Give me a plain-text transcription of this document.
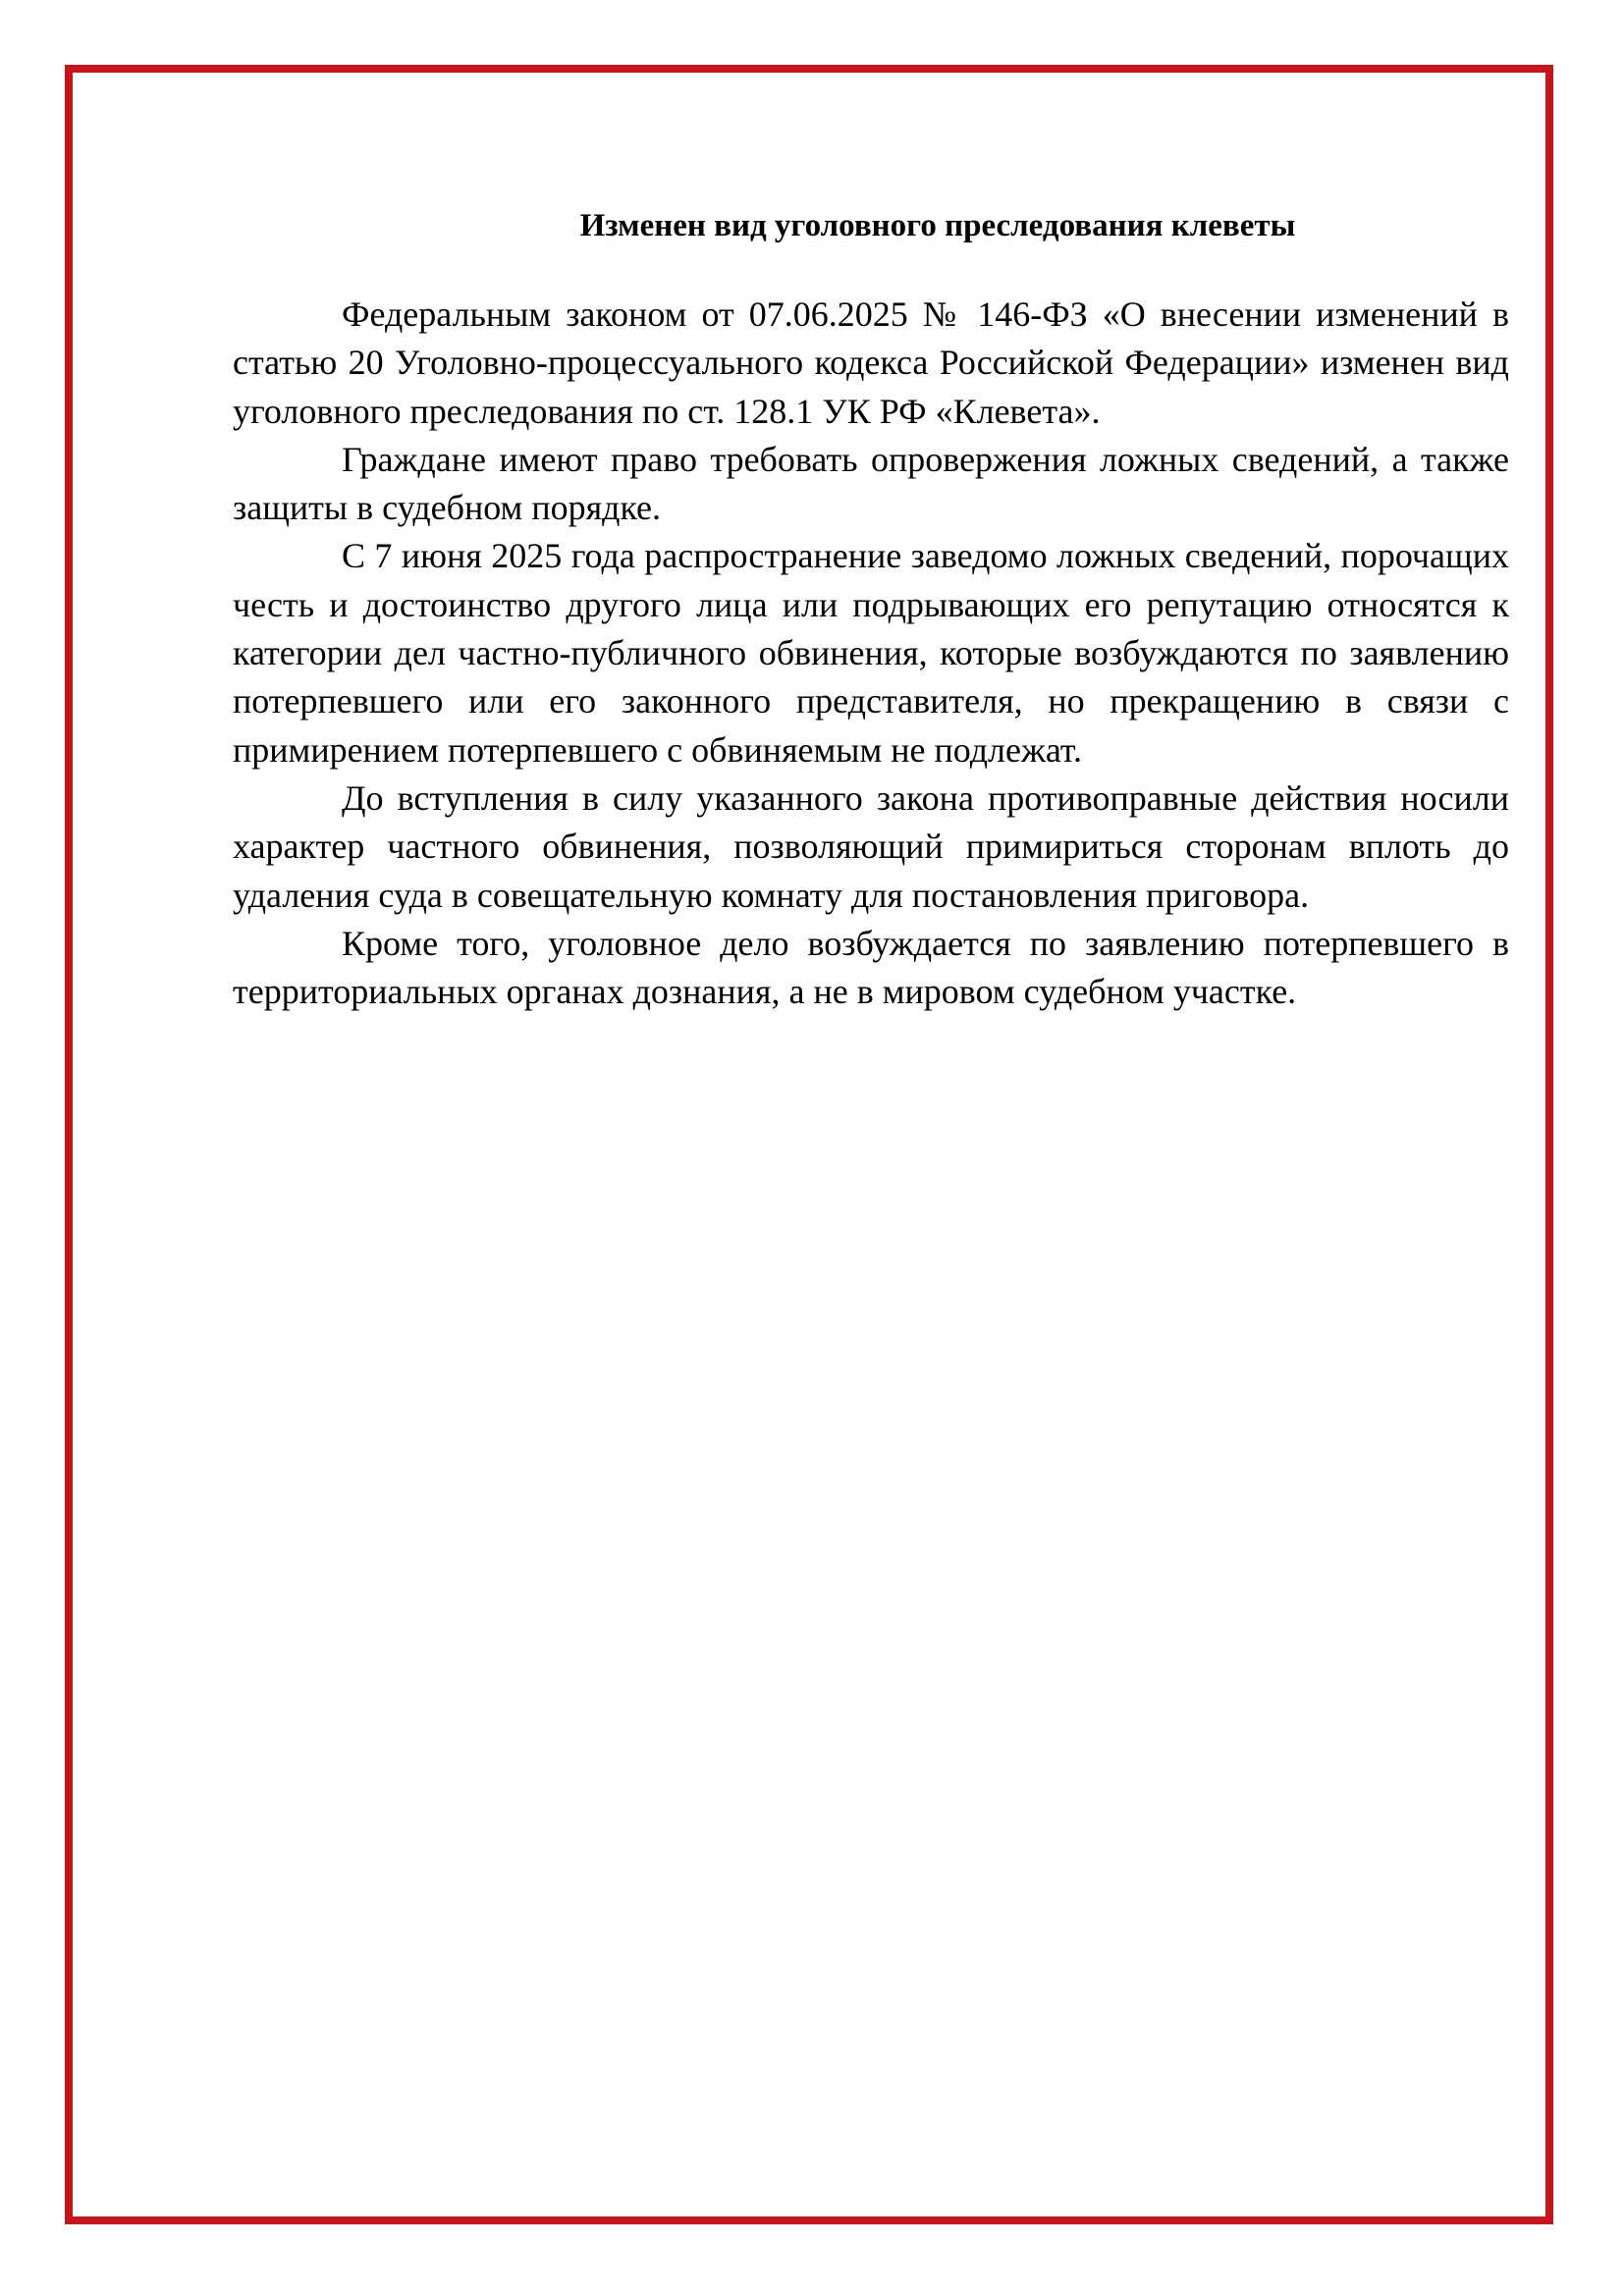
Изменен вид уголовного преследования клеветы

Федеральным законом от 07.06.2025 № 146-ФЗ «О внесении изменений в статью 20 Уголовно-процессуального кодекса Российской Федерации» изменен вид уголовного преследования по ст. 128.1 УК РФ «Клевета».

Граждане имеют право требовать опровержения ложных сведений, а также защиты в судебном порядке.

С 7 июня 2025 года распространение заведомо ложных сведений, порочащих честь и достоинство другого лица или подрывающих его репутацию относятся к категории дел частно-публичного обвинения, которые возбуждаются по заявлению потерпевшего или его законного представителя, но прекращению в связи с примирением потерпевшего с обвиняемым не подлежат.

До вступления в силу указанного закона противоправные действия носили характер частного обвинения, позволяющий примириться сторонам вплоть до удаления суда в совещательную комнату для постановления приговора.

Кроме того, уголовное дело возбуждается по заявлению потерпевшего в территориальных органах дознания, а не в мировом судебном участке.
